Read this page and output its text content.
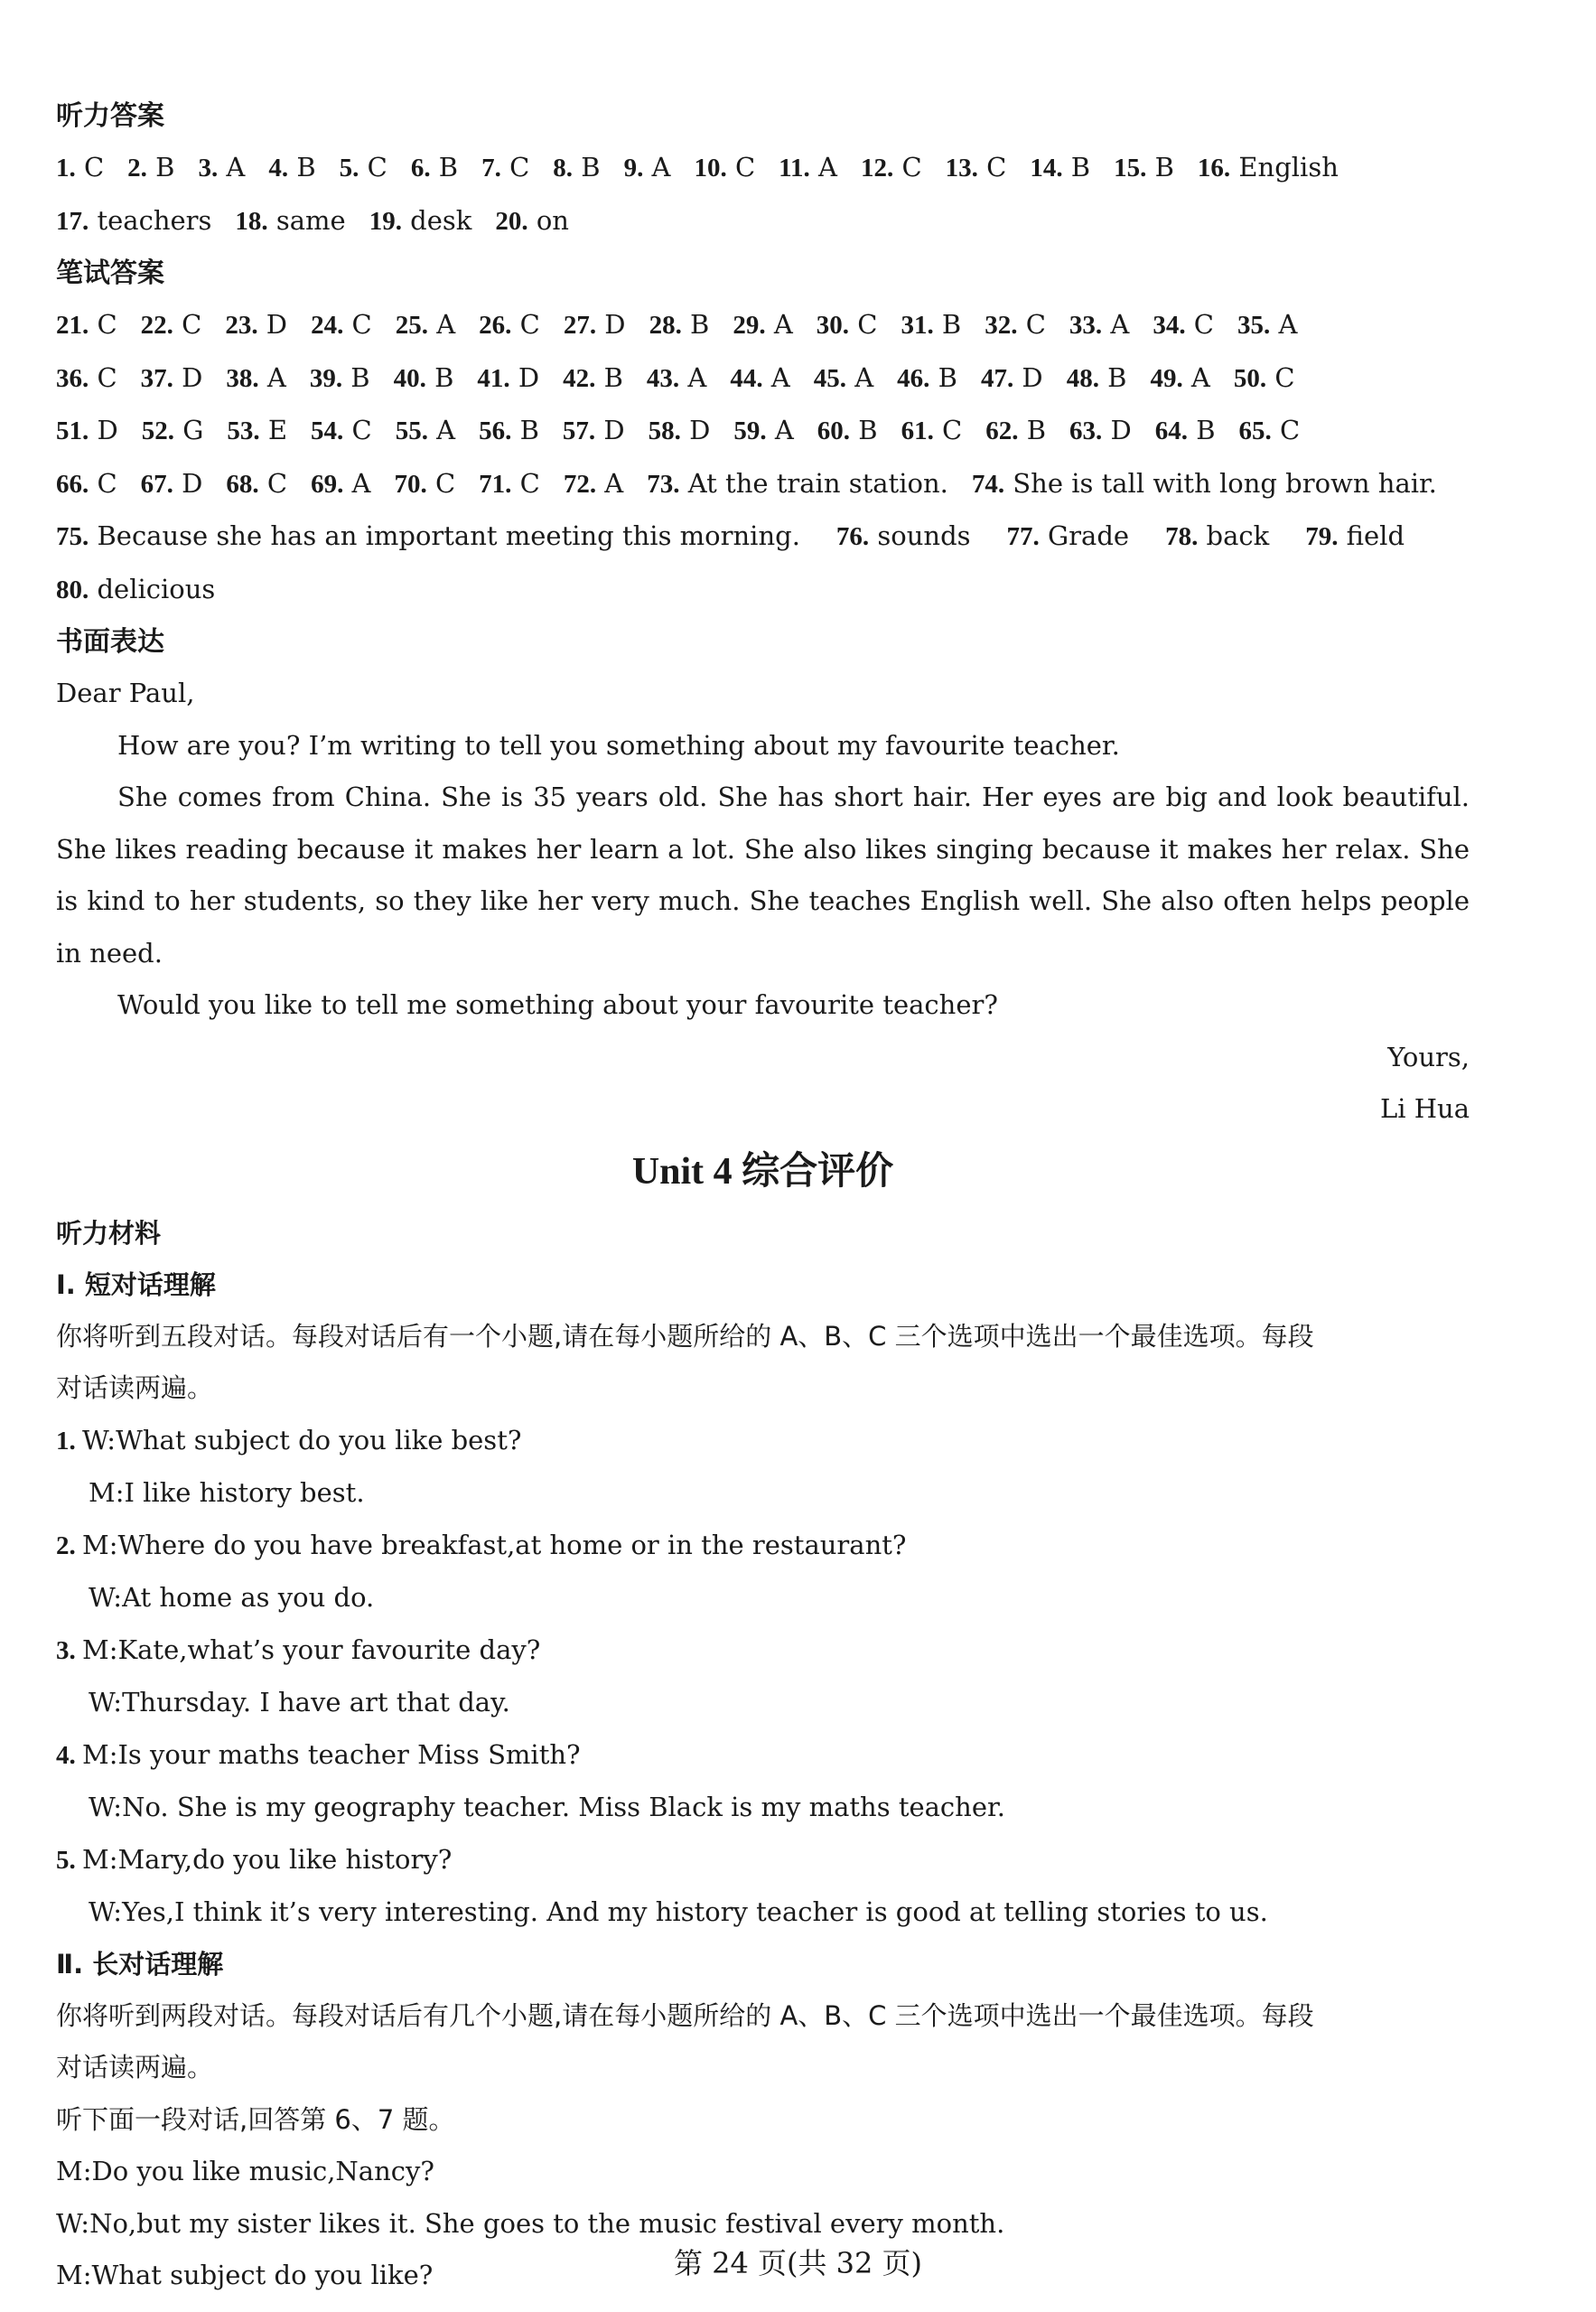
听力答案

1. C 2. B 3. A 4. B 5. C 6. B 7. C 8. B 9. A 10. C 11. A 12. C 13. C 14. B 15. B 16. English
17. teachers 18. same 19. desk 20. on

笔试答案

21. C 22. C 23. D 24. C 25. A 26. C 27. D 28. B 29. A 30. C 31. B 32. C 33. A 34. C 35. A
36. C 37. D 38. A 39. B 40. B 41. D 42. B 43. A 44. A 45. A 46. B 47. D 48. B 49. A 50. C
51. D 52. G 53. E 54. C 55. A 56. B 57. D 58. D 59. A 60. B 61. C 62. B 63. D 64. B 65. C
66. C 67. D 68. C 69. A 70. C 71. C 72. A 73. At the train station. 74. She is tall with long brown hair.
75. Because she has an important meeting this morning. 76. sounds 77. Grade 78. back 79. field
80. delicious

书面表达

Dear Paul,

How are you? I’m writing to tell you something about my favourite teacher.

She comes from China. She is 35 years old. She has short hair. Her eyes are big and look beautiful. She likes reading because it makes her learn a lot. She also likes singing because it makes her relax. She is kind to her students, so they like her very much. She teaches English well. She also often helps people in need.

Would you like to tell me something about your favourite teacher?

Yours,

Li Hua

Unit 4 综合评价

听力材料

Ⅰ. 短对话理解

你将听到五段对话。每段对话后有一个小题,请在每小题所给的 A、B、C 三个选项中选出一个最佳选项。每段

对话读两遍。

1. W:What subject do you like best?

M:I like history best.

2. M:Where do you have breakfast,at home or in the restaurant?

W:At home as you do.

3. M:Kate,what’s your favourite day?

W:Thursday. I have art that day.

4. M:Is your maths teacher Miss Smith?

W:No. She is my geography teacher. Miss Black is my maths teacher.

5. M:Mary,do you like history?

W:Yes,I think it’s very interesting. And my history teacher is good at telling stories to us.

Ⅱ. 长对话理解

你将听到两段对话。每段对话后有几个小题,请在每小题所给的 A、B、C 三个选项中选出一个最佳选项。每段

对话读两遍。

听下面一段对话,回答第 6、7 题。

M:Do you like music,Nancy?

W:No,but my sister likes it. She goes to the music festival every month.

M:What subject do you like?	第 24 页(共 32 页)
